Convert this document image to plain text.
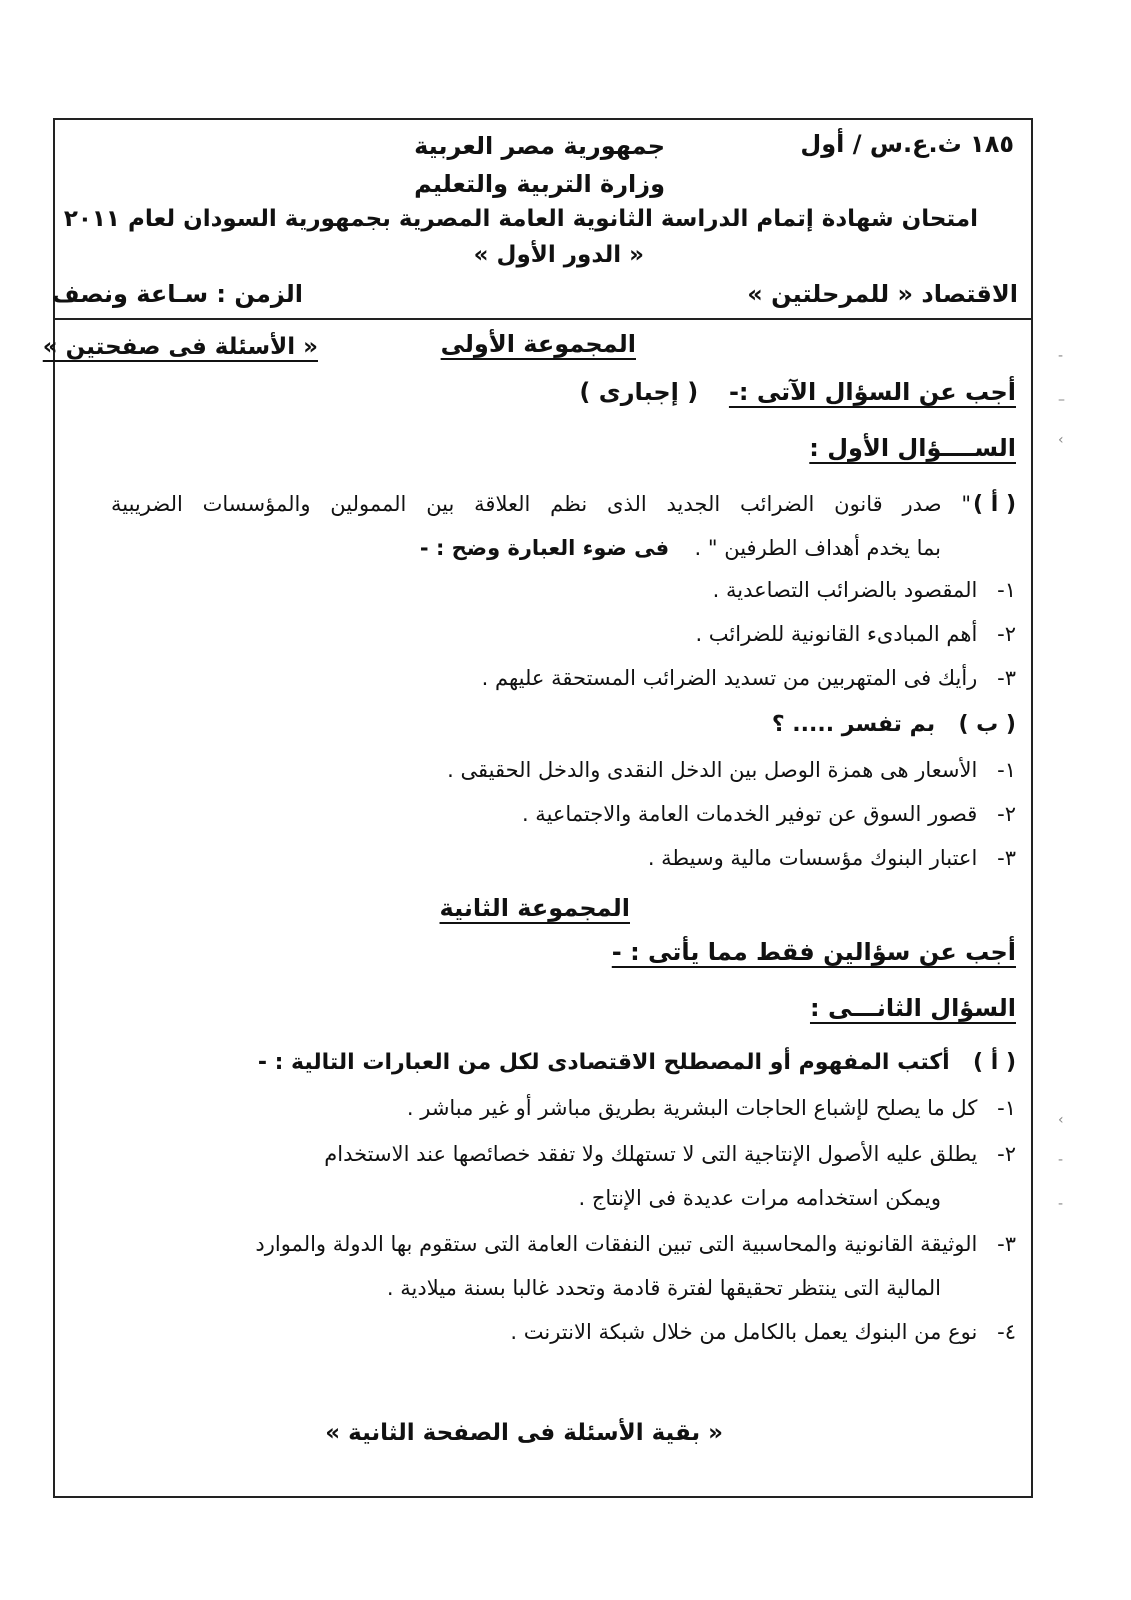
١٨٥ ث.ع.س / أول
جمهورية مصر العربية
وزارة التربية والتعليم
امتحان شهادة إتمام الدراسة الثانوية العامة المصرية بجمهورية السودان لعام ٢٠١١
« الدور الأول »
الاقتصاد « للمرحلتين »
الزمن : سـاعة ونصف
المجموعة الأولى
« الأسئلة فى صفحتين »
أجب عن السؤال الآتى :-  ( إجبارى )
الســــؤال الأول :
( أ )
" صدر قانون الضرائب الجديد الذى نظم العلاقة بين الممولين والمؤسسات الضريبية
بما يخدم أهداف الطرفين " .  فى ضوء العبارة وضح : -
١- المقصود بالضرائب التصاعدية .
٢- أهم المبادىء القانونية للضرائب .
٣- رأيك فى المتهربين من تسديد الضرائب المستحقة عليهم .
( ب )  بم تفسر ..... ؟
١- الأسعار هى همزة الوصل بين الدخل النقدى والدخل الحقيقى .
٢- قصور السوق عن توفير الخدمات العامة والاجتماعية .
٣- اعتبار البنوك مؤسسات مالية وسيطة .
المجموعة الثانية
أجب عن سؤالين فقط مما يأتى : -
السؤال الثانـــى :
( أ )  أكتب المفهوم أو المصطلح الاقتصادى لكل من العبارات التالية : -
١- كل ما يصلح لإشباع الحاجات البشرية بطريق مباشر أو غير مباشر .
٢- يطلق عليه الأصول الإنتاجية التى لا تستهلك ولا تفقد خصائصها عند الاستخدام
ويمكن استخدامه مرات عديدة فى الإنتاج .
٣- الوثيقة القانونية والمحاسبية التى تبين النفقات العامة التى ستقوم بها الدولة والموارد
المالية التى ينتظر تحقيقها لفترة قادمة وتحدد غالبا بسنة ميلادية .
٤- نوع من البنوك يعمل بالكامل من خلال شبكة الانترنت .
« بقية الأسئلة فى الصفحة الثانية »
-
–
‹
‹
-
-
